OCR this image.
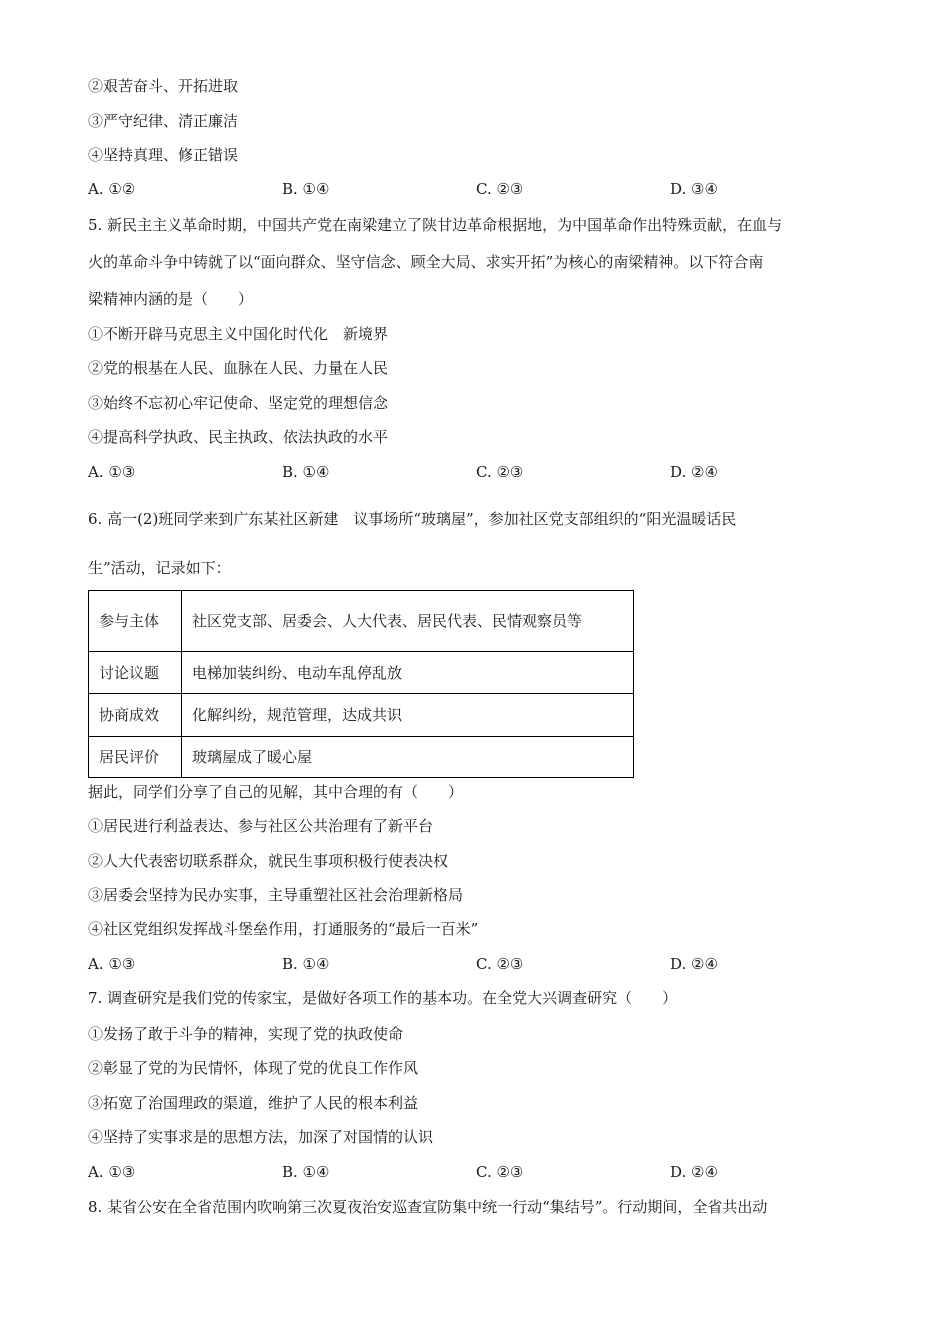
②艰苦奋斗、开拓进取
③严守纪律、清正廉洁
④坚持真理、修正错误
A. ①②	B. ①④	C. ②③	D. ③④
5. 新民主主义革命时期，中国共产党在南梁建立了陕甘边革命根据地，为中国革命作出特殊贡献，在血与
火的革命斗争中铸就了以“面向群众、坚守信念、顾全大局、求实开拓”为核心的南梁精神。以下符合南
梁精神内涵的是（　　）
①不断开辟马克思主义中国化时代化　新境界
②党的根基在人民、血脉在人民、力量在人民
③始终不忘初心牢记使命、坚定党的理想信念
④提高科学执政、民主执政、依法执政的水平
A. ①③	B. ①④	C. ②③	D. ②④
6. 高一(2)班同学来到广东某社区新建　议事场所“玻璃屋”，参加社区党支部组织的“阳光温暖话民
生”活动，记录如下：
参与主体	社区党支部、居委会、人大代表、居民代表、民情观察员等
讨论议题	电梯加装纠纷、电动车乱停乱放
协商成效	化解纠纷，规范管理，达成共识
居民评价	玻璃屋成了暖心屋
据此，同学们分享了自己的见解，其中合理的有（　　）
①居民进行利益表达、参与社区公共治理有了新平台
②人大代表密切联系群众，就民生事项积极行使表决权
③居委会坚持为民办实事，主导重塑社区社会治理新格局
④社区党组织发挥战斗堡垒作用，打通服务的“最后一百米”
A. ①③	B. ①④	C. ②③	D. ②④
7. 调查研究是我们党的传家宝，是做好各项工作的基本功。在全党大兴调查研究（　　）
①发扬了敢于斗争的精神，实现了党的执政使命
②彰显了党的为民情怀，体现了党的优良工作作风
③拓宽了治国理政的渠道，维护了人民的根本利益
④坚持了实事求是的思想方法，加深了对国情的认识
A. ①③	B. ①④	C. ②③	D. ②④
8. 某省公安在全省范围内吹响第三次夏夜治安巡查宣防集中统一行动“集结号”。行动期间，全省共出动
